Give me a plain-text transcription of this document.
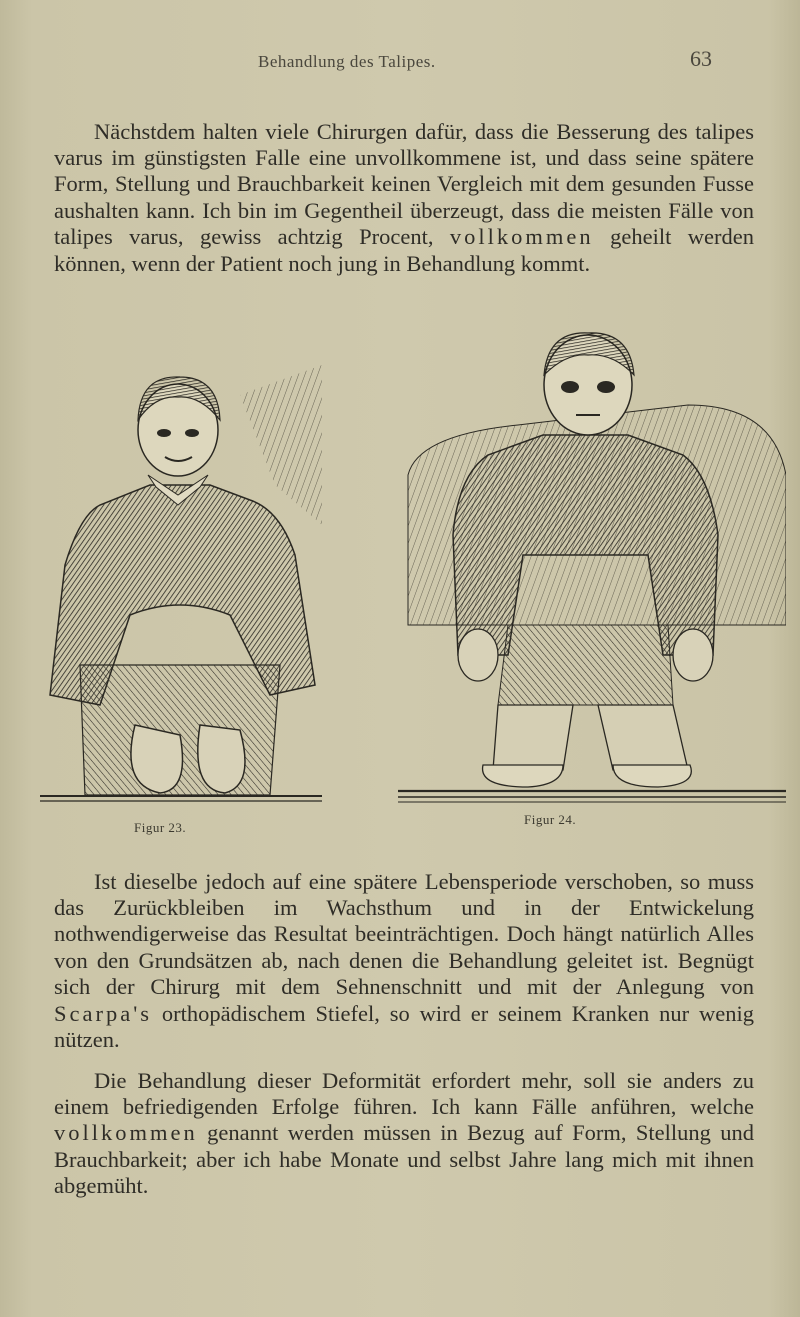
Behandlung des Talipes.	63

Nächstdem halten viele Chirurgen dafür, dass die Besserung des talipes varus im günstigsten Falle eine unvollkommene ist, und dass seine spätere Form, Stellung und Brauchbarkeit keinen Vergleich mit dem gesunden Fusse aushalten kann. Ich bin im Gegentheil überzeugt, dass die meisten Fälle von talipes varus, gewiss achtzig Procent, vollkommen geheilt werden können, wenn der Patient noch jung in Behandlung kommt.

Figur 23.
Figur 24.

Ist dieselbe jedoch auf eine spätere Lebensperiode verschoben, so muss das Zurückbleiben im Wachsthum und in der Entwickelung nothwendigerweise das Resultat beeinträchtigen. Doch hängt natürlich Alles von den Grundsätzen ab, nach denen die Behandlung geleitet ist. Begnügt sich der Chirurg mit dem Sehnenschnitt und mit der Anlegung von Scarpa's orthopädischem Stiefel, so wird er seinem Kranken nur wenig nützen.

Die Behandlung dieser Deformität erfordert mehr, soll sie anders zu einem befriedigenden Erfolge führen. Ich kann Fälle anführen, welche vollkommen genannt werden müssen in Bezug auf Form, Stellung und Brauchbarkeit; aber ich habe Monate und selbst Jahre lang mich mit ihnen abgemüht.
